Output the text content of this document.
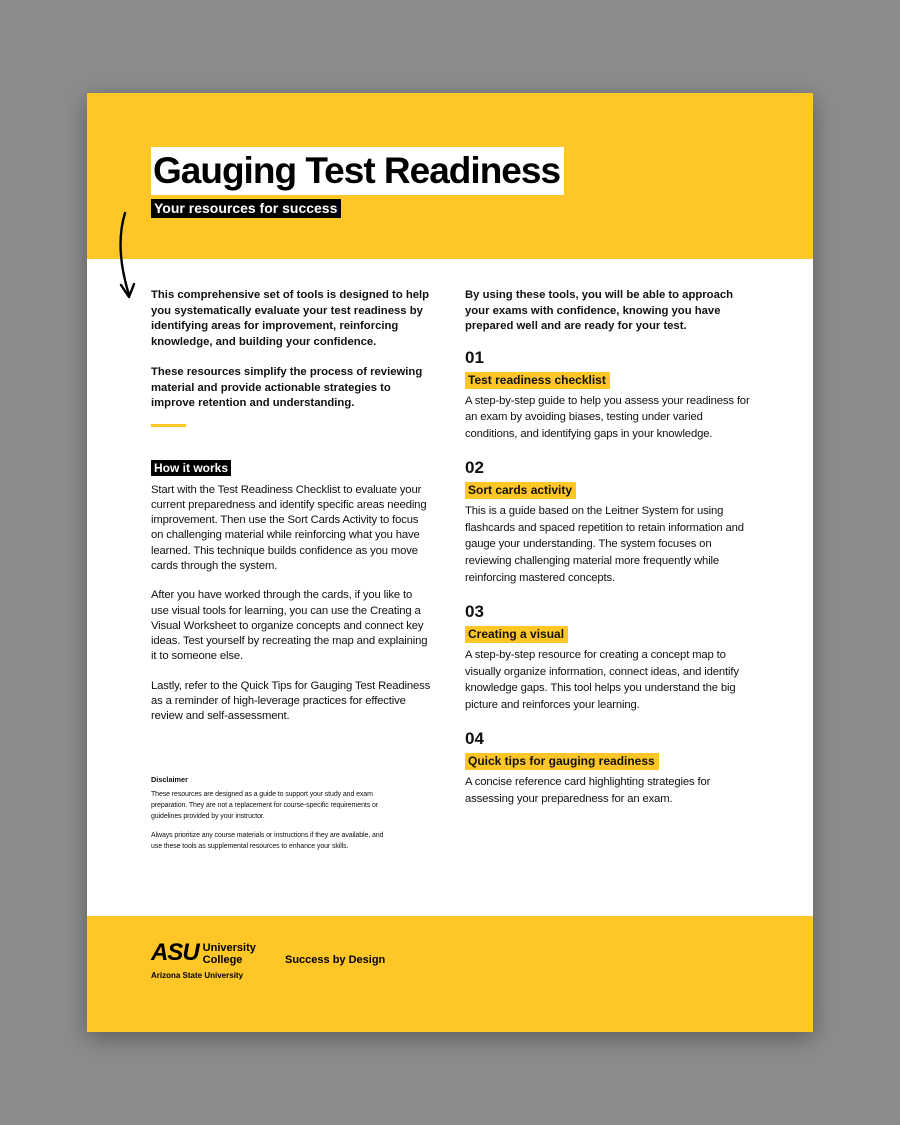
Gauging Test Readiness
Your resources for success

This comprehensive set of tools is designed to help you systematically evaluate your test readiness by identifying areas for improvement, reinforcing knowledge, and building your confidence.

These resources simplify the process of reviewing material and provide actionable strategies to improve retention and understanding.

How it works

Start with the Test Readiness Checklist to evaluate your current preparedness and identify specific areas needing improvement. Then use the Sort Cards Activity to focus on challenging material while reinforcing what you have learned. This technique builds confidence as you move cards through the system.

After you have worked through the cards, if you like to use visual tools for learning, you can use the Creating a Visual Worksheet to organize concepts and connect key ideas. Test yourself by recreating the map and explaining it to someone else.

Lastly, refer to the Quick Tips for Gauging Test Readiness as a reminder of high-leverage practices for effective review and self-assessment.

Disclaimer

These resources are designed as a guide to support your study and exam preparation. They are not a replacement for course-specific requirements or guidelines provided by your instructor.

Always prioritize any course materials or instructions if they are available, and use these tools as supplemental resources to enhance your skills.

By using these tools, you will be able to approach your exams with confidence, knowing you have prepared well and are ready for your test.

01
Test readiness checklist

A step-by-step guide to help you assess your readiness for an exam by avoiding biases, testing under varied conditions, and identifying gaps in your knowledge.

02
Sort cards activity

This is a guide based on the Leitner System for using flashcards and spaced repetition to retain information and gauge your understanding. The system focuses on reviewing challenging material more frequently while reinforcing mastered concepts.

03
Creating a visual

A step-by-step resource for creating a concept map to visually organize information, connect ideas, and identify knowledge gaps. This tool helps you understand the big picture and reinforces your learning.

04
Quick tips for gauging readiness

A concise reference card highlighting strategies for assessing your preparedness for an exam.

ASU University
College
Arizona State University
Success by Design
